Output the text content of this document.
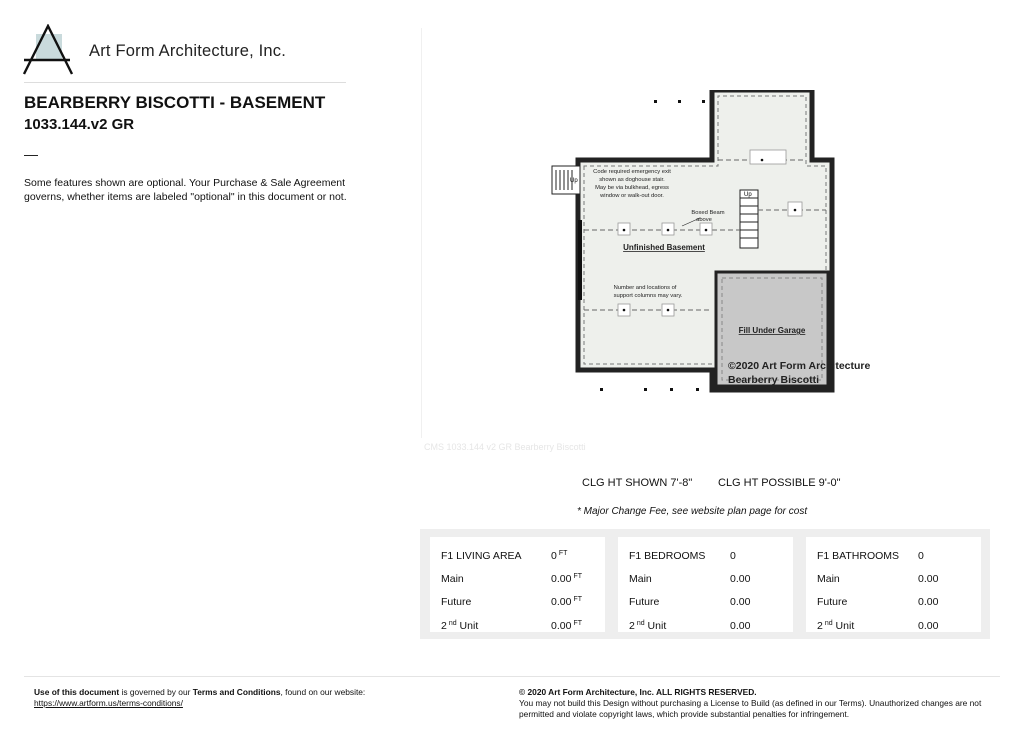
Art Form Architecture, Inc.
BEARBERRY BISCOTTI - BASEMENT
1033.144.v2 GR
—
Some features shown are optional. Your Purchase & Sale Agreement governs, whether items are labeled "optional" in this document or not.
CMS 1033.144 v2 GR Bearberry Biscotti
Up
Up
Code required emergency exit
shown as doghouse stair.
May be via bulkhead, egress
window or walk-out door.
Boxed Beam
above
Number and locations of
support columns may vary.
Unfinished Basement
Fill Under Garage
©2020 Art Form Architecture
Bearberry Biscotti
CLG HT SHOWN 7'-8" CLG HT POSSIBLE 9'-0"
* Major Change Fee, see website plan page for cost
F1 LIVING AREA	0 $^{FT}$
Main	0.00 $^{FT}$
Future	0.00 $^{FT}$
2 $^{nd}$ Unit	0.00 $^{FT}$
F1 BEDROOMS 0
Main	0.00
Future	0.00
2 $^{nd}$ Unit	0.00
F1 BATHROOMS 0
Main	0.00
Future	0.00
2 $^{nd}$ Unit	0.00
Use of this document is governed by our Terms and Conditions, found on our website:
https://www.artform.us/terms-conditions/
© 2020 Art Form Architecture, Inc. ALL RIGHTS RESERVED.
You may not build this Design without purchasing a License to Build (as defined in our Terms). Unauthorized changes are not permitted and violate copyright laws, which provide substantial penalties for infringement.
